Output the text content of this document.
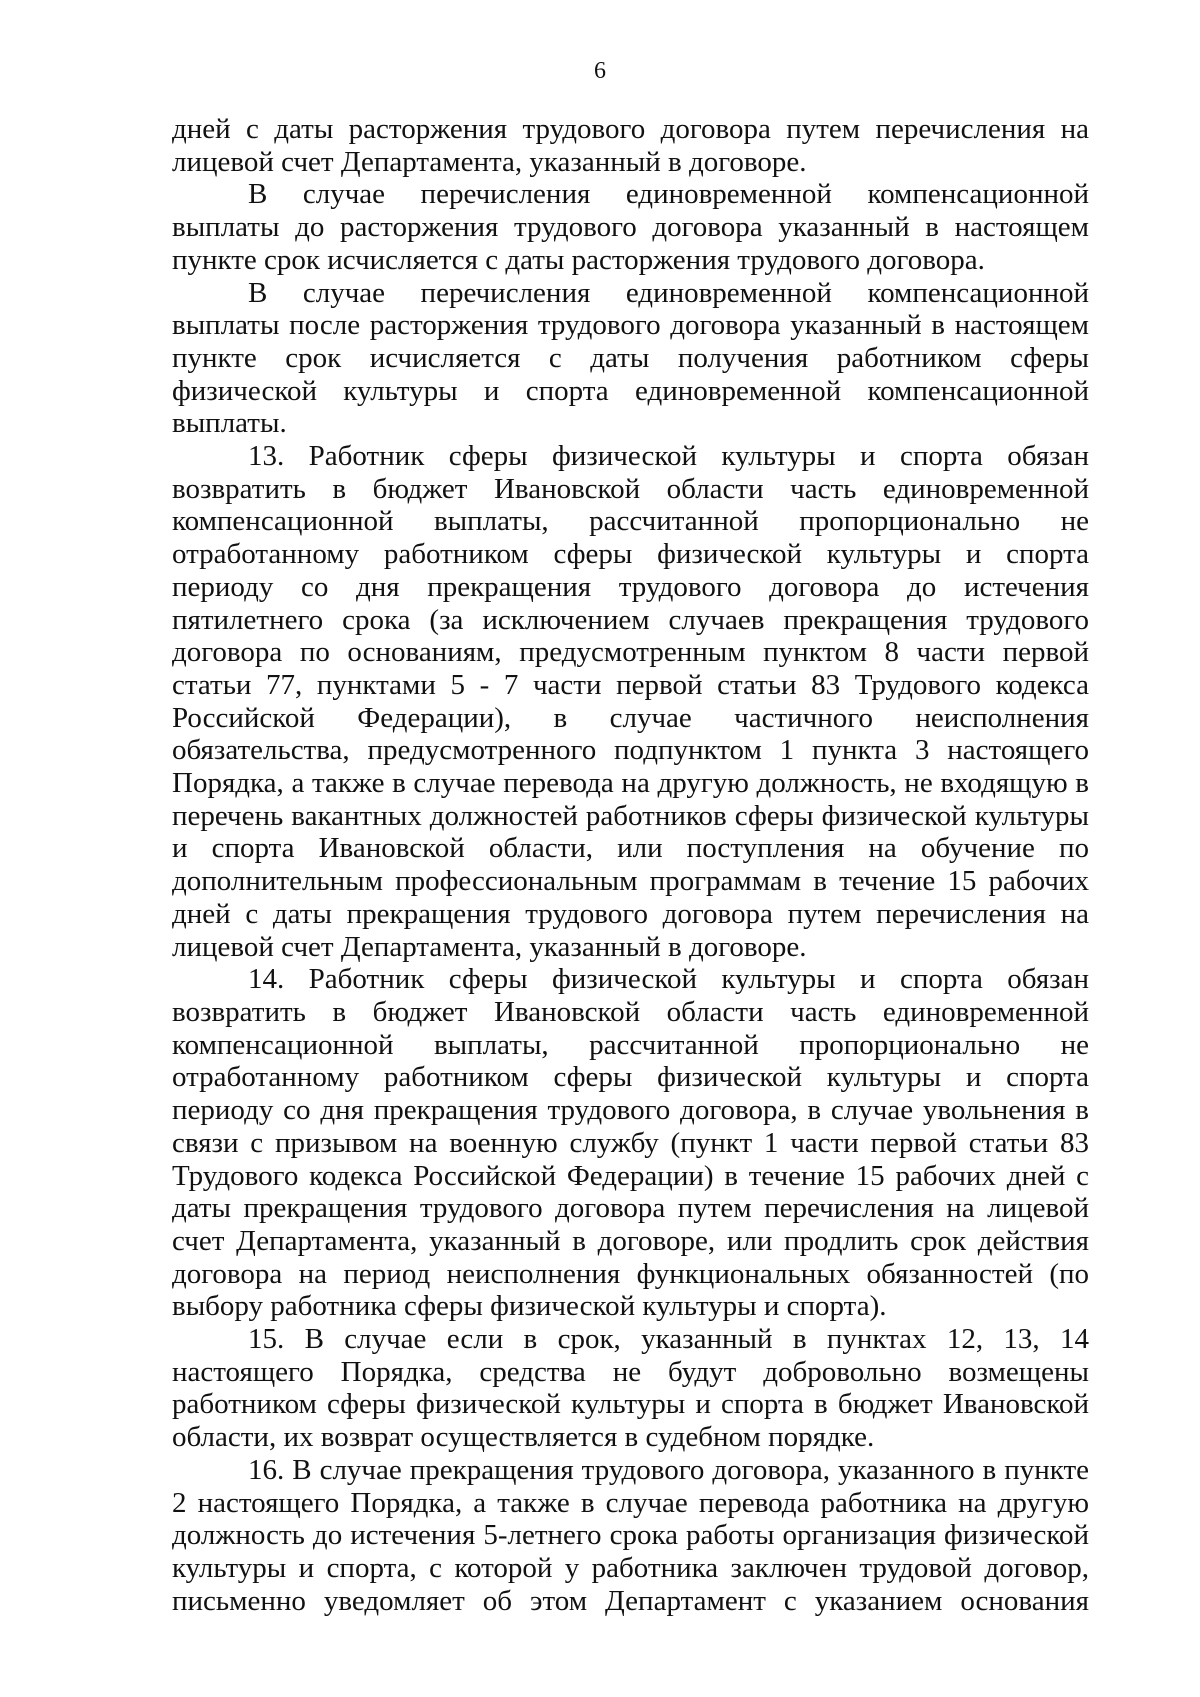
6

дней с даты расторжения трудового договора путем перечисления на лицевой счет Департамента, указанный в договоре.

В случае перечисления единовременной компенсационной выплаты до расторжения трудового договора указанный в настоящем пункте срок исчисляется с даты расторжения трудового договора.

В случае перечисления единовременной компенсационной выплаты после расторжения трудового договора указанный в настоящем пункте срок исчисляется с даты получения работником сферы физической культуры и спорта единовременной компенсационной выплаты.

13. Работник сферы физической культуры и спорта обязан возвратить в бюджет Ивановской области часть единовременной компенсационной выплаты, рассчитанной пропорционально не отработанному работником сферы физической культуры и спорта периоду со дня прекращения трудового договора до истечения пятилетнего срока (за исключением случаев прекращения трудового договора по основаниям, предусмотренным пунктом 8 части первой статьи 77, пунктами 5 - 7 части первой статьи 83 Трудового кодекса Российской Федерации), в случае частичного неисполнения обязательства, предусмотренного подпунктом 1 пункта 3 настоящего Порядка, а также в случае перевода на другую должность, не входящую в перечень вакантных должностей работников сферы физической культуры и спорта Ивановской области, или поступления на обучение по дополнительным профессиональным программам в течение 15 рабочих дней с даты прекращения трудового договора путем перечисления на лицевой счет Департамента, указанный в договоре.

14. Работник сферы физической культуры и спорта обязан возвратить в бюджет Ивановской области часть единовременной компенсационной выплаты, рассчитанной пропорционально не отработанному работником сферы физической культуры и спорта периоду со дня прекращения трудового договора, в случае увольнения в связи с призывом на военную службу (пункт 1 части первой статьи 83 Трудового кодекса Российской Федерации) в течение 15 рабочих дней с даты прекращения трудового договора путем перечисления на лицевой счет Департамента, указанный в договоре, или продлить срок действия договора на период неисполнения функциональных обязанностей (по выбору работника сферы физической культуры и спорта).

15. В случае если в срок, указанный в пунктах 12, 13, 14 настоящего Порядка, средства не будут добровольно возмещены работником сферы физической культуры и спорта в бюджет Ивановской области, их возврат осуществляется в судебном порядке.

16. В случае прекращения трудового договора, указанного в пункте 2 настоящего Порядка, а также в случае перевода работника на другую должность до истечения 5-летнего срока работы организация физической культуры и спорта, с которой у работника заключен трудовой договор, письменно уведомляет об этом Департамент с указанием основания
